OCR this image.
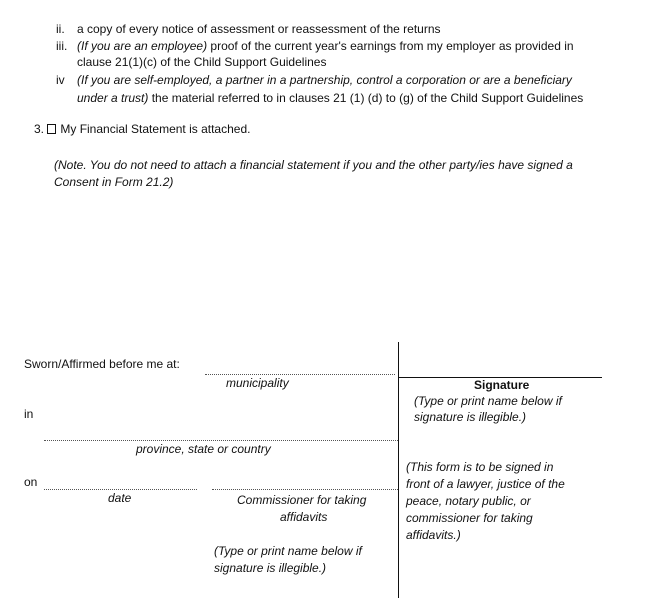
ii. a copy of every notice of assessment or reassessment of the returns
iii. (If you are an employee) proof of the current year's earnings from my employer as provided in
clause 21(1)(c) of the Child Support Guidelines
iv (If you are self-employed, a partner in a partnership, control a corporation or are a beneficiary
under a trust) the material referred to in clauses 21 (1) (d) to (g) of the Child Support Guidelines
3. My Financial Statement is attached.
(Note. You do not need to attach a financial statement if you and the other party/ies have signed a
Consent in Form 21.2)
Sworn/Affirmed before me at:
municipality
in
province, state or country
on
date	Commissioner for taking
affidavits
(Type or print name below if
signature is illegible.)
Signature
(Type or print name below if
signature is illegible.)
(This form is to be signed in
front of a lawyer, justice of the
peace, notary public, or
commissioner for taking
affidavits.)
